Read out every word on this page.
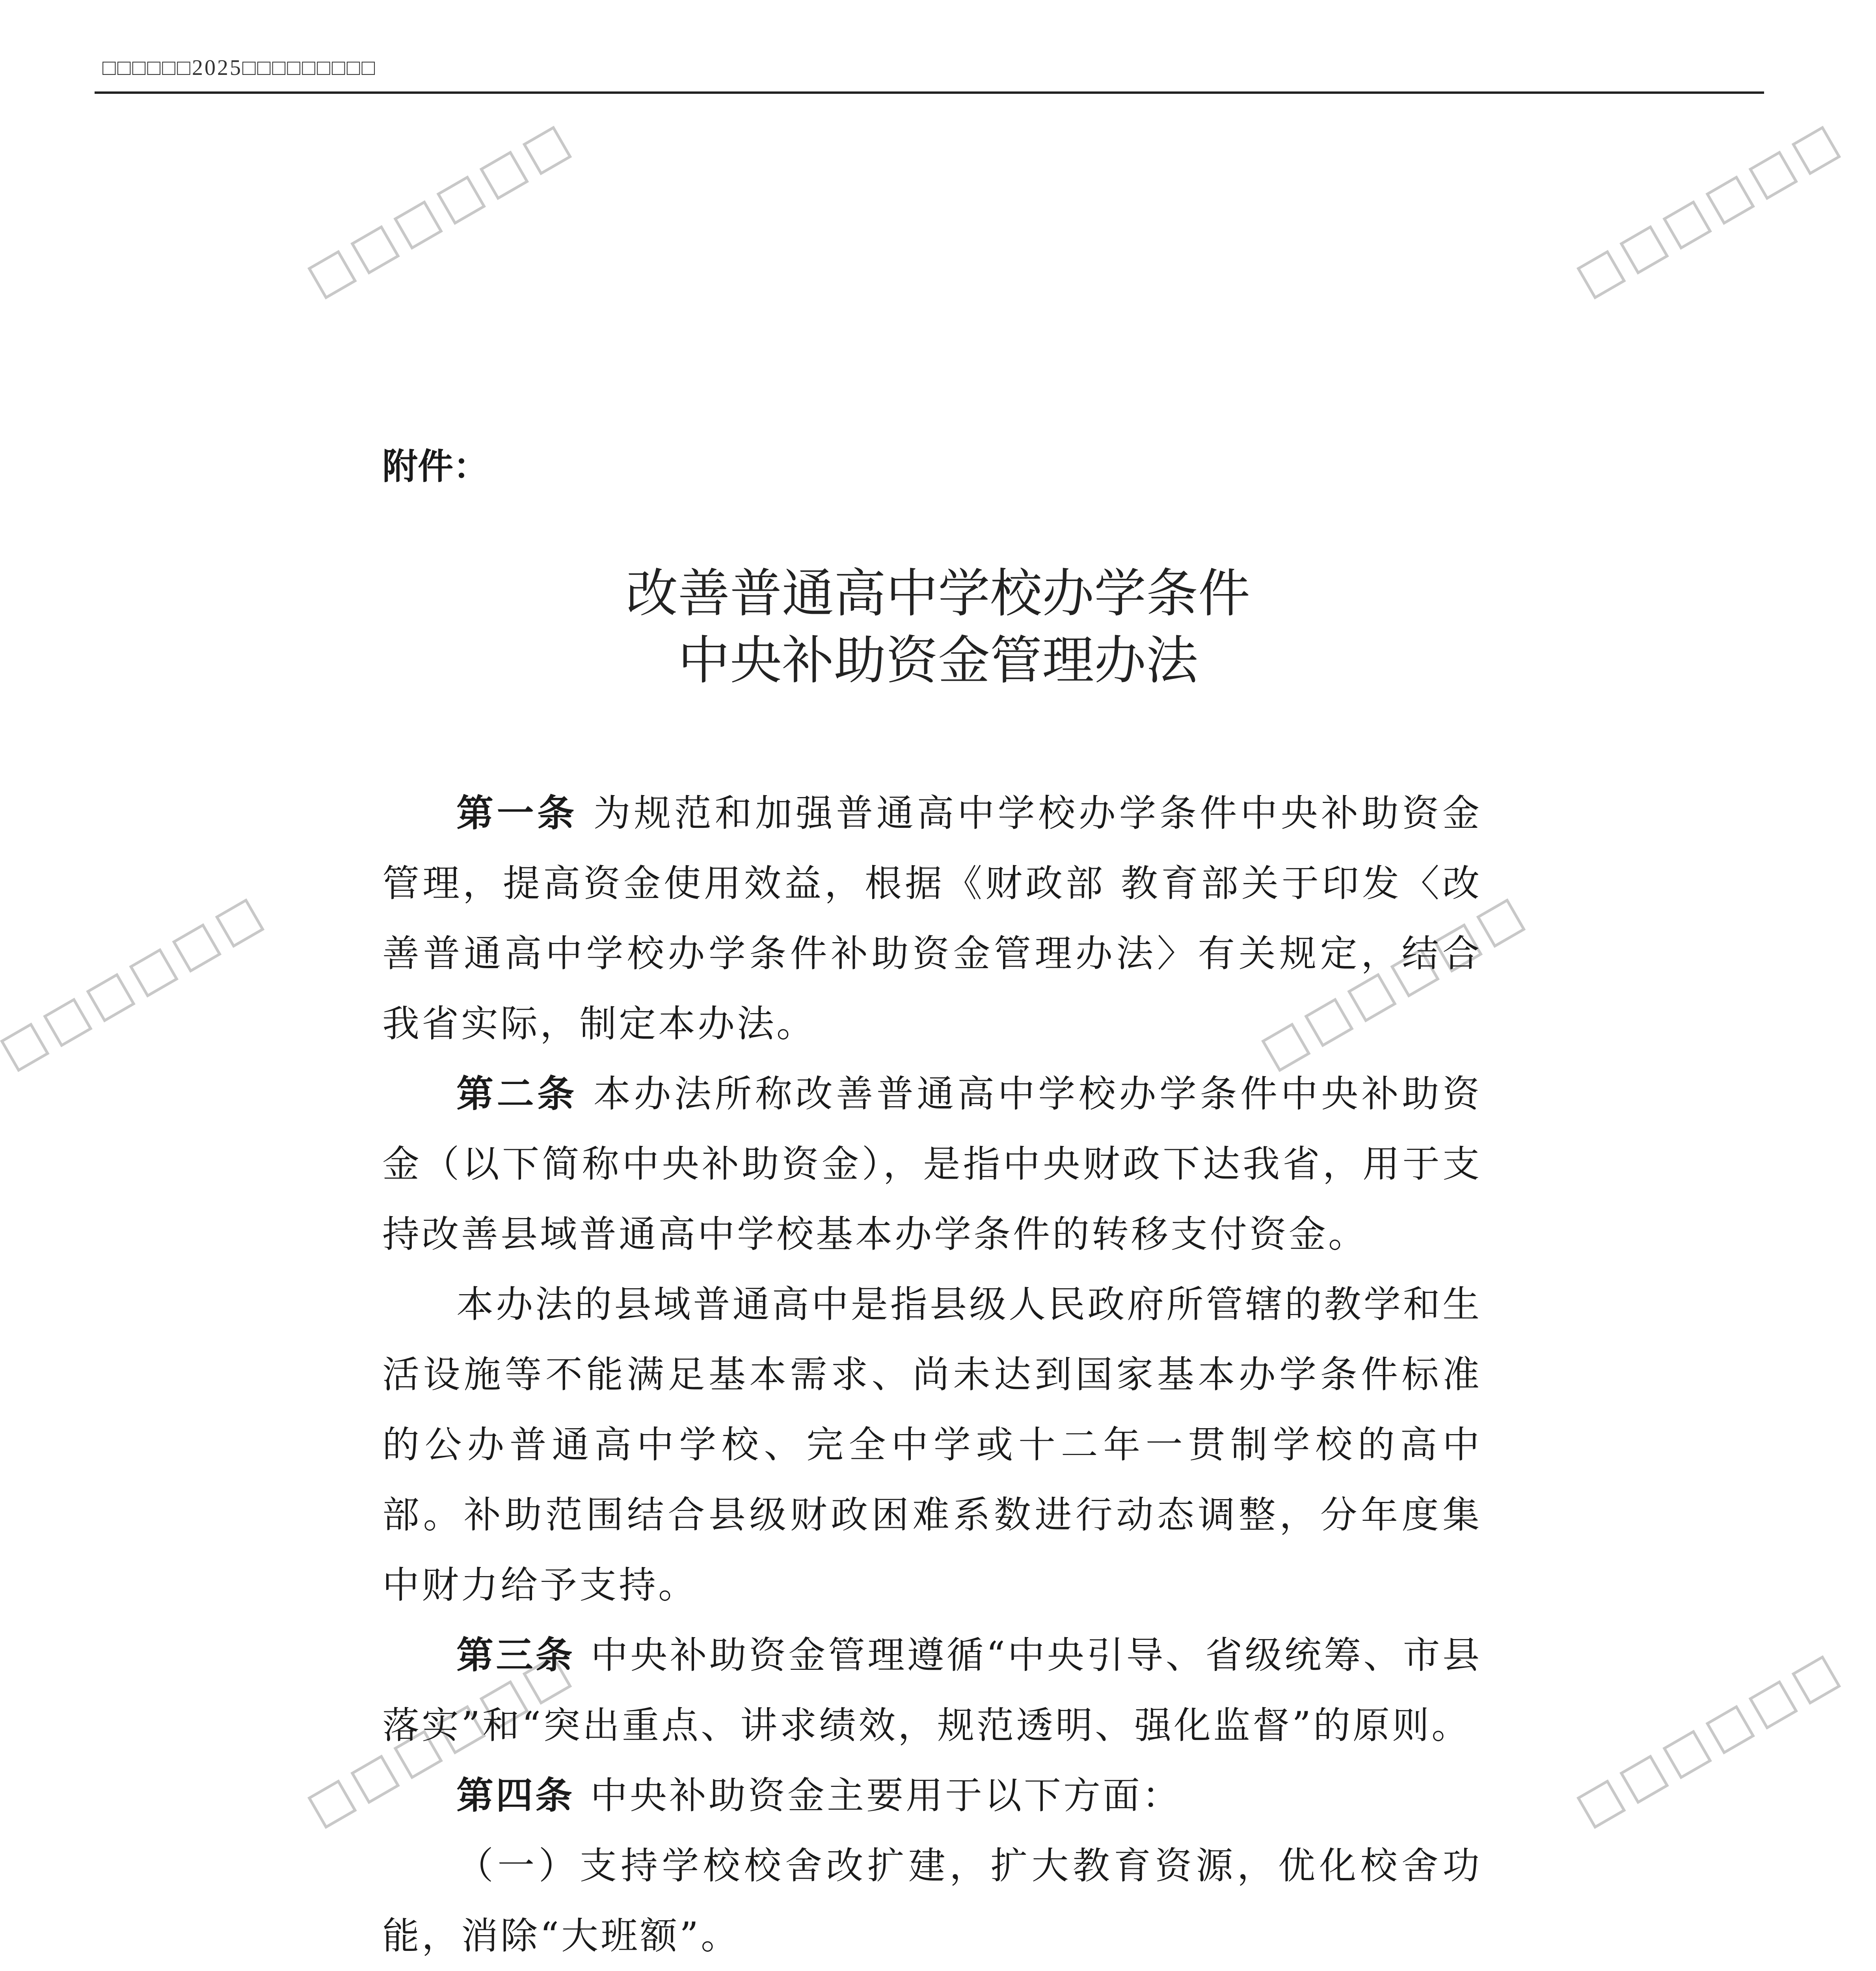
□□□□□□2025□□□□□□□□□
附件：
改善普通高中学校办学条件
中央补助资金管理办法

第一条 为规范和加强普通高中学校办学条件中央补助资金管理，提高资金使用效益，根据《财政部 教育部关于印发〈改善普通高中学校办学条件补助资金管理办法〉有关规定，结合我省实际，制定本办法。

第二条 本办法所称改善普通高中学校办学条件中央补助资金（以下简称中央补助资金），是指中央财政下达我省，用于支持改善县域普通高中学校基本办学条件的转移支付资金。

本办法的县域普通高中是指县级人民政府所管辖的教学和生活设施等不能满足基本需求、尚未达到国家基本办学条件标准的公办普通高中学校、完全中学或十二年一贯制学校的高中部。补助范围结合县级财政困难系数进行动态调整，分年度集中财力给予支持。

第三条 中央补助资金管理遵循“中央引导、省级统筹、市县落实”和“突出重点、讲求绩效，规范透明、强化监督”的原则。

第四条 中央补助资金主要用于以下方面：

（一）支持学校校舍改扩建，扩大教育资源，优化校舍功能，消除“大班额”。
